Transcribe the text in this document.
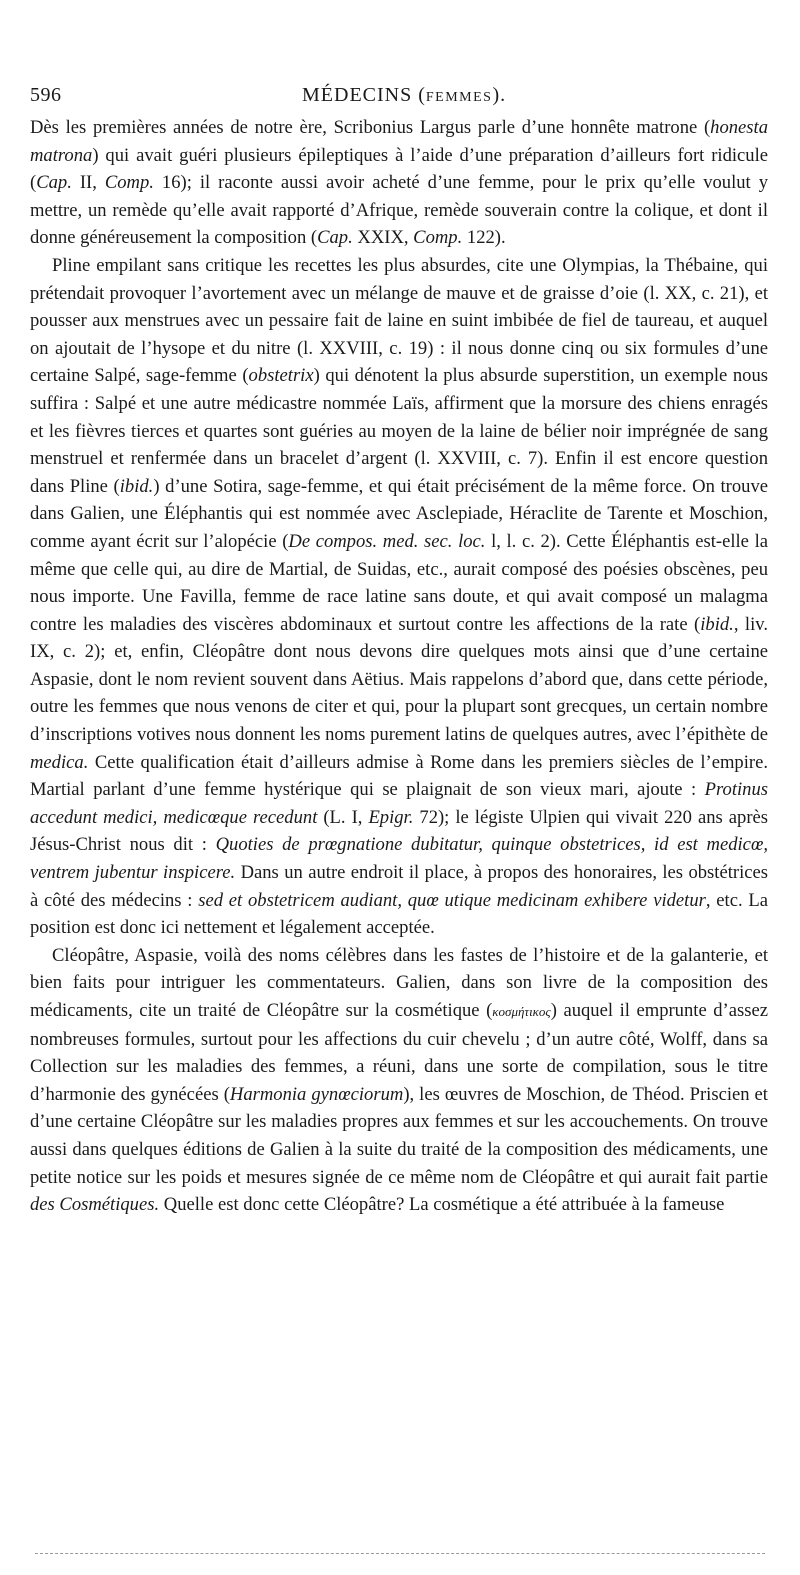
596	MÉDECINS (FEMMES).

Dès les premières années de notre ère, Scribonius Largus parle d’une honnête matrone (honesta matrona) qui avait guéri plusieurs épileptiques à l’aide d’une préparation d’ailleurs fort ridicule (Cap. II, Comp. 16); il raconte aussi avoir acheté d’une femme, pour le prix qu’elle voulut y mettre, un remède qu’elle avait rapporté d’Afrique, remède souverain contre la colique, et dont il donne généreusement la composition (Cap. XXIX, Comp. 122).

Pline empilant sans critique les recettes les plus absurdes, cite une Olympias, la Thébaine, qui prétendait provoquer l’avortement avec un mélange de mauve et de graisse d’oie (l. XX, c. 21), et pousser aux menstrues avec un pessaire fait de laine en suint imbibée de fiel de taureau, et auquel on ajoutait de l’hysope et du nitre (l. XXVIII, c. 19) : il nous donne cinq ou six formules d’une certaine Salpé, sage-femme (obstetrix) qui dénotent la plus absurde superstition, un exemple nous suffira : Salpé et une autre médicastre nommée Laïs, affirment que la morsure des chiens enragés et les fièvres tierces et quartes sont guéries au moyen de la laine de bélier noir imprégnée de sang menstruel et renfermée dans un bracelet d’argent (l. XXVIII, c. 7). Enfin il est encore question dans Pline (ibid.) d’une Sotira, sage-femme, et qui était précisément de la même force. On trouve dans Galien, une Éléphantis qui est nommée avec Asclepiade, Héraclite de Tarente et Moschion, comme ayant écrit sur l’alopécie (De compos. med. sec. loc. l, l. c. 2). Cette Éléphantis est-elle la même que celle qui, au dire de Martial, de Suidas, etc., aurait composé des poésies obscènes, peu nous importe. Une Favilla, femme de race latine sans doute, et qui avait composé un malagma contre les maladies des viscères abdominaux et surtout contre les affections de la rate (ibid., liv. IX, c. 2); et, enfin, Cléopâtre dont nous devons dire quelques mots ainsi que d’une certaine Aspasie, dont le nom revient souvent dans Aëtius. Mais rappelons d’abord que, dans cette période, outre les femmes que nous venons de citer et qui, pour la plupart sont grecques, un certain nombre d’inscriptions votives nous donnent les noms purement latins de quelques autres, avec l’épithète de medica. Cette qualification était d’ailleurs admise à Rome dans les premiers siècles de l’empire. Martial parlant d’une femme hystérique qui se plaignait de son vieux mari, ajoute : Protinus accedunt medici, medicœque recedunt (L. I, Epigr. 72); le légiste Ulpien qui vivait 220 ans après Jésus-Christ nous dit : Quoties de prœgnatione dubitatur, quinque obstetrices, id est medicœ, ventrem jubentur inspicere. Dans un autre endroit il place, à propos des honoraires, les obstétrices à côté des médecins : sed et obstetricem audiant, quœ utique medicinam exhibere videtur, etc. La position est donc ici nettement et légalement acceptée.

Cléopâtre, Aspasie, voilà des noms célèbres dans les fastes de l’histoire et de la galanterie, et bien faits pour intriguer les commentateurs. Galien, dans son livre de la composition des médicaments, cite un traité de Cléopâtre sur la cosmétique (κοσμήτικος) auquel il emprunte d’assez nombreuses formules, surtout pour les affections du cuir chevelu ; d’un autre côté, Wolff, dans sa Collection sur les maladies des femmes, a réuni, dans une sorte de compilation, sous le titre d’harmonie des gynécées (Harmonia gynœciorum), les œuvres de Moschion, de Théod. Priscien et d’une certaine Cléopâtre sur les maladies propres aux femmes et sur les accouchements. On trouve aussi dans quelques éditions de Galien à la suite du traité de la composition des médicaments, une petite notice sur les poids et mesures signée de ce même nom de Cléopâtre et qui aurait fait partie des Cosmétiques. Quelle est donc cette Cléopâtre? La cosmétique a été attribuée à la fameuse
